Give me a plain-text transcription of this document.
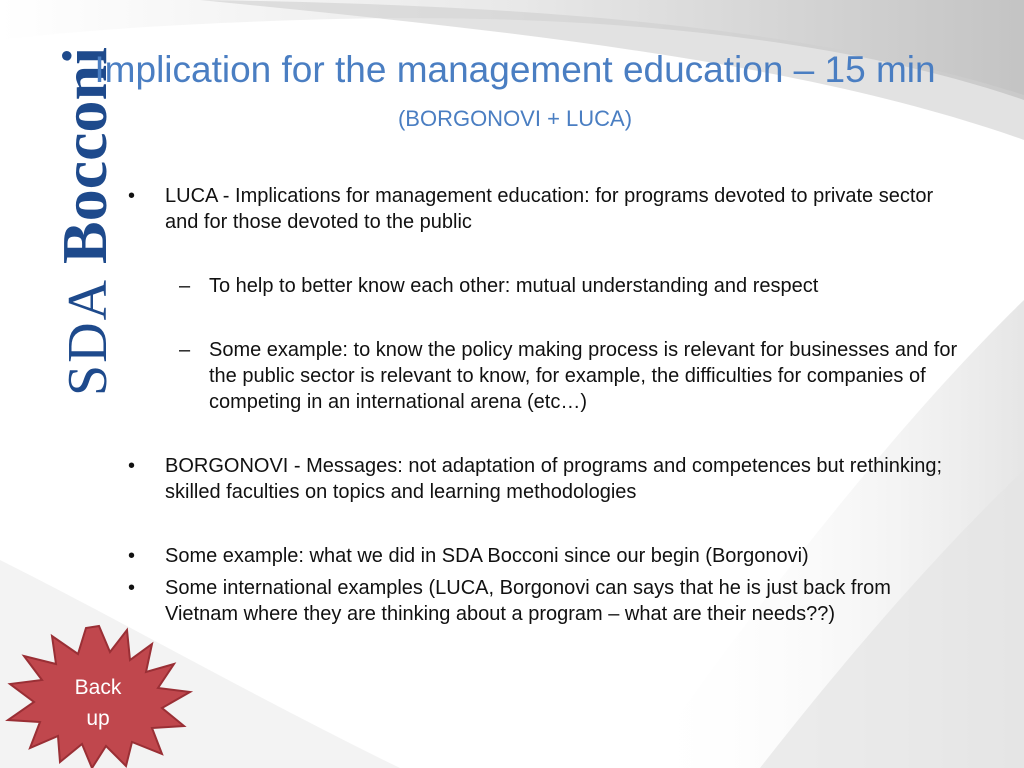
SDABocconi
Implication for the management education – 15 min (BORGONOVI + LUCA)
• LUCA - Implications for management education: for programs devoted to private sector and for those devoted to the public
– To help to better know each other: mutual understanding and respect
– Some example: to know the policy making process is relevant for businesses and for the public sector is relevant to know, for example, the difficulties for companies of competing in an international arena (etc…)
• BORGONOVI - Messages: not adaptation of programs and competences but rethinking; skilled faculties on topics and learning methodologies
• Some example: what we did in SDA Bocconi since our begin (Borgonovi)
• Some international examples (LUCA, Borgonovi can says that he is just back from Vietnam where they are thinking about a program – what are their needs??)
Back
up
